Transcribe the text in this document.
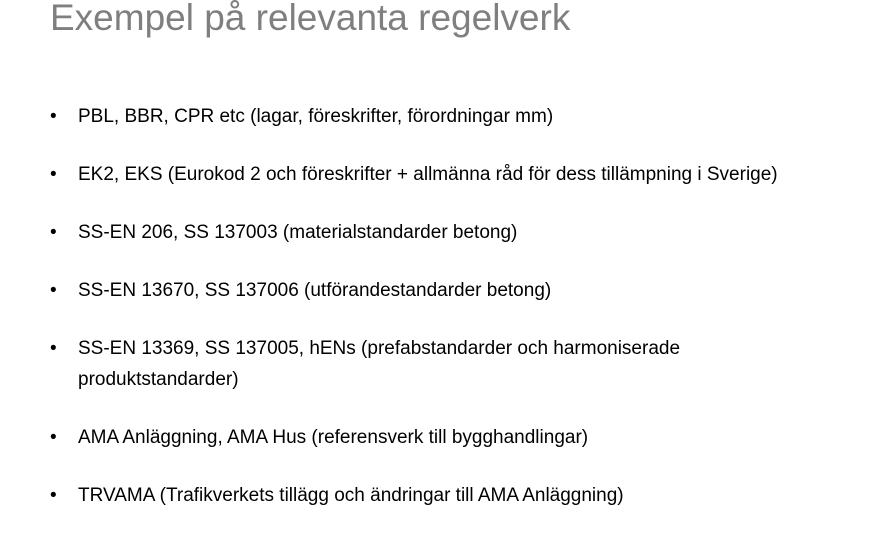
Exempel på relevanta regelverk
• PBL, BBR, CPR etc (lagar, föreskrifter, förordningar mm)
• EK2, EKS (Eurokod 2 och föreskrifter + allmänna råd för dess tillämpning i Sverige)
• SS-EN 206, SS 137003 (materialstandarder betong)
• SS-EN 13670, SS 137006 (utförandestandarder betong)
• SS-EN 13369, SS 137005, hENs (prefabstandarder och harmoniserade produktstandarder)
• AMA Anläggning, AMA Hus (referensverk till bygghandlingar)
• TRVAMA (Trafikverkets tillägg och ändringar till AMA Anläggning)
